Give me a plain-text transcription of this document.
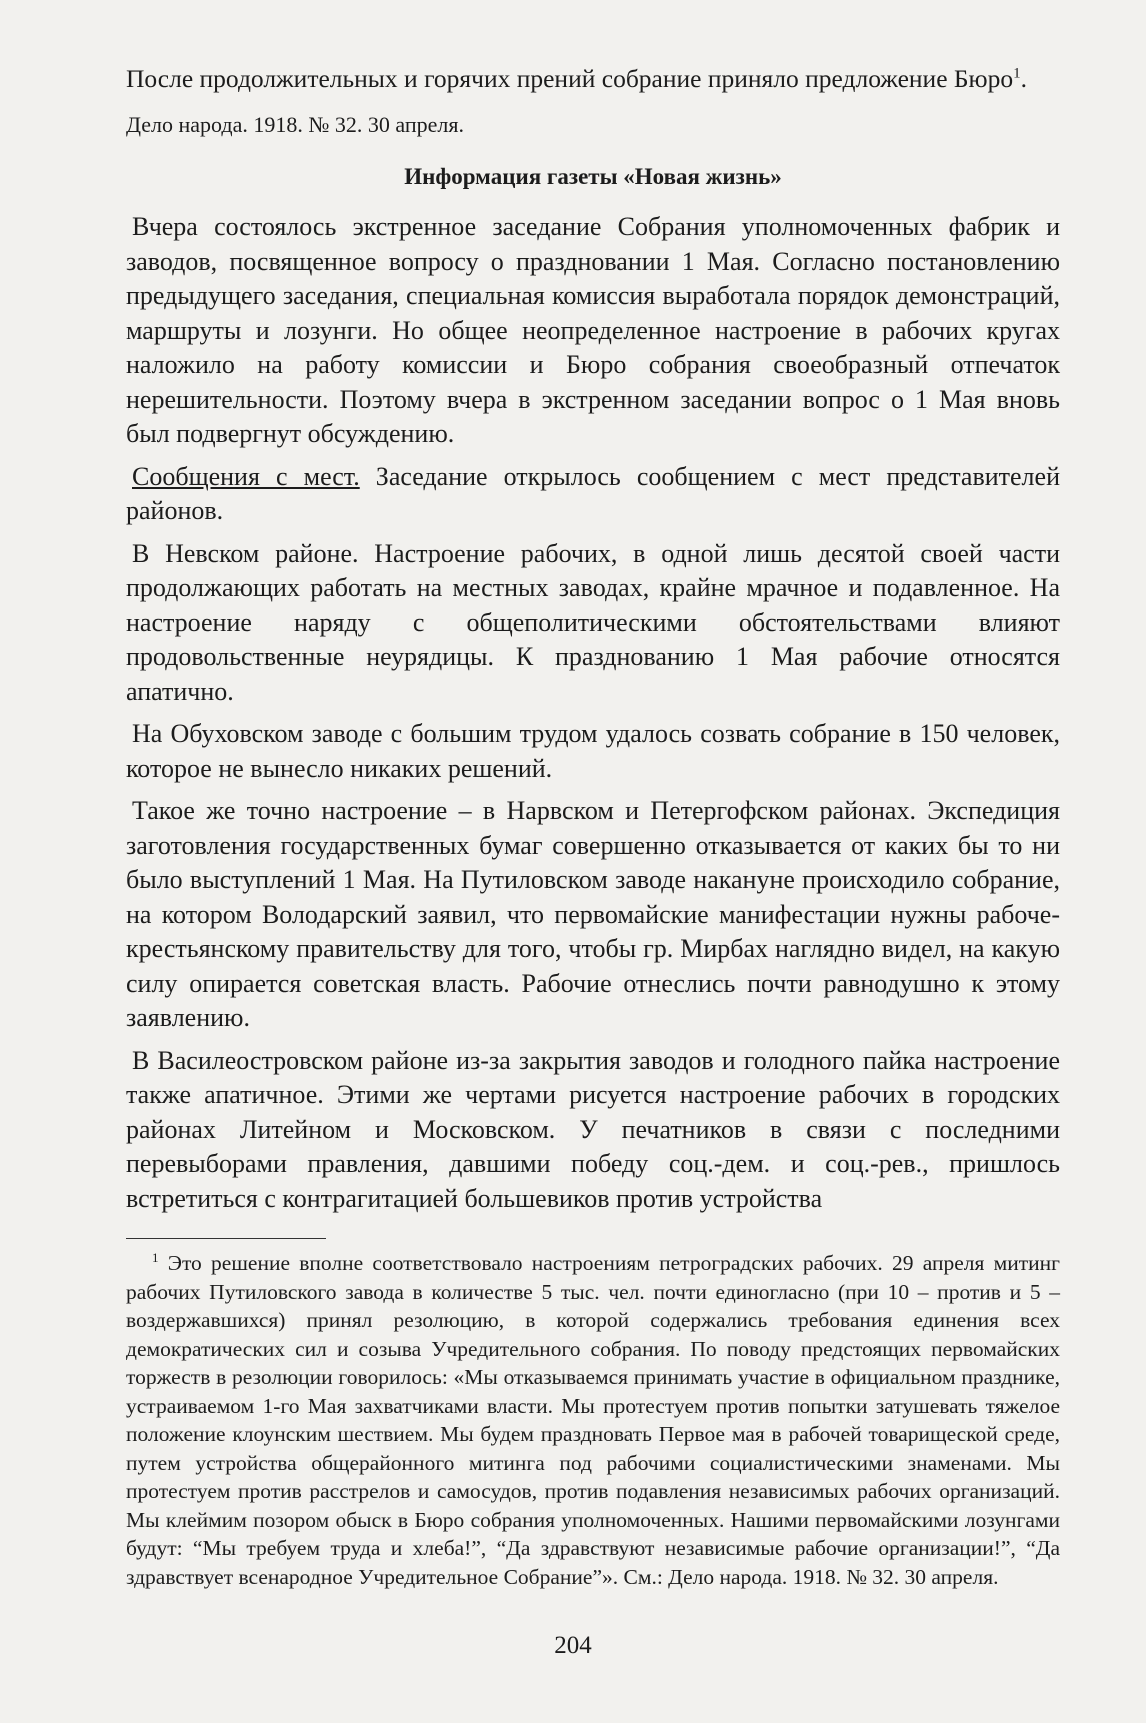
После продолжительных и горячих прений собрание приняло предложение Бюро$^1$.

Дело народа. 1918. № 32. 30 апреля.

Информация газеты «Новая жизнь»

Вчера состоялось экстренное заседание Собрания уполномоченных фабрик и заводов, посвященное вопросу о праздновании 1 Мая. Согласно постановлению предыдущего заседания, специальная комиссия выработала порядок демонстраций, маршруты и лозунги. Но общее неопределенное настроение в рабочих кругах наложило на работу комиссии и Бюро собрания своеобразный отпечаток нерешительности. Поэтому вчера в экстренном заседании вопрос о 1 Мая вновь был подвергнут обсуждению.

Сообщения с мест. Заседание открылось сообщением с мест представителей районов.

В Невском районе. Настроение рабочих, в одной лишь десятой своей части продолжающих работать на местных заводах, крайне мрачное и подавленное. На настроение наряду с общеполитическими обстоятельствами влияют продовольственные неурядицы. К празднованию 1 Мая рабочие относятся апатично.

На Обуховском заводе с большим трудом удалось созвать собрание в 150 человек, которое не вынесло никаких решений.

Такое же точно настроение – в Нарвском и Петергофском районах. Экспедиция заготовления государственных бумаг совершенно отказывается от каких бы то ни было выступлений 1 Мая. На Путиловском заводе накануне происходило собрание, на котором Володарский заявил, что первомайские манифестации нужны рабоче-крестьянскому правительству для того, чтобы гр. Мирбах наглядно видел, на какую силу опирается советская власть. Рабочие отнеслись почти равнодушно к этому заявлению.

В Василеостровском районе из-за закрытия заводов и голодного пайка настроение также апатичное. Этими же чертами рисуется настроение рабочих в городских районах Литейном и Московском. У печатников в связи с последними перевыборами правления, давшими победу соц.-дем. и соц.-рев., пришлось встретиться с контрагитацией большевиков против устройства

$^1$ Это решение вполне соответствовало настроениям петроградских рабочих. 29 апреля митинг рабочих Путиловского завода в количестве 5 тыс. чел. почти единогласно (при 10 – против и 5 – воздержавшихся) принял резолюцию, в которой содержались требования единения всех демократических сил и созыва Учредительного собрания. По поводу предстоящих первомайских торжеств в резолюции говорилось: «Мы отказываемся принимать участие в официальном празднике, устраиваемом 1-го Мая захватчиками власти. Мы протестуем против попытки затушевать тяжелое положение клоунским шествием. Мы будем праздновать Первое мая в рабочей товарищеской среде, путем устройства общерайонного митинга под рабочими социалистическими знаменами. Мы протестуем против расстрелов и самосудов, против подавления независимых рабочих организаций. Мы клеймим позором обыск в Бюро собрания уполномоченных. Нашими первомайскими лозунгами будут: “Мы требуем труда и хлеба!”, “Да здравствуют независимые рабочие организации!”, “Да здравствует всенародное Учредительное Собрание”». См.: Дело народа. 1918. № 32. 30 апреля.

204
